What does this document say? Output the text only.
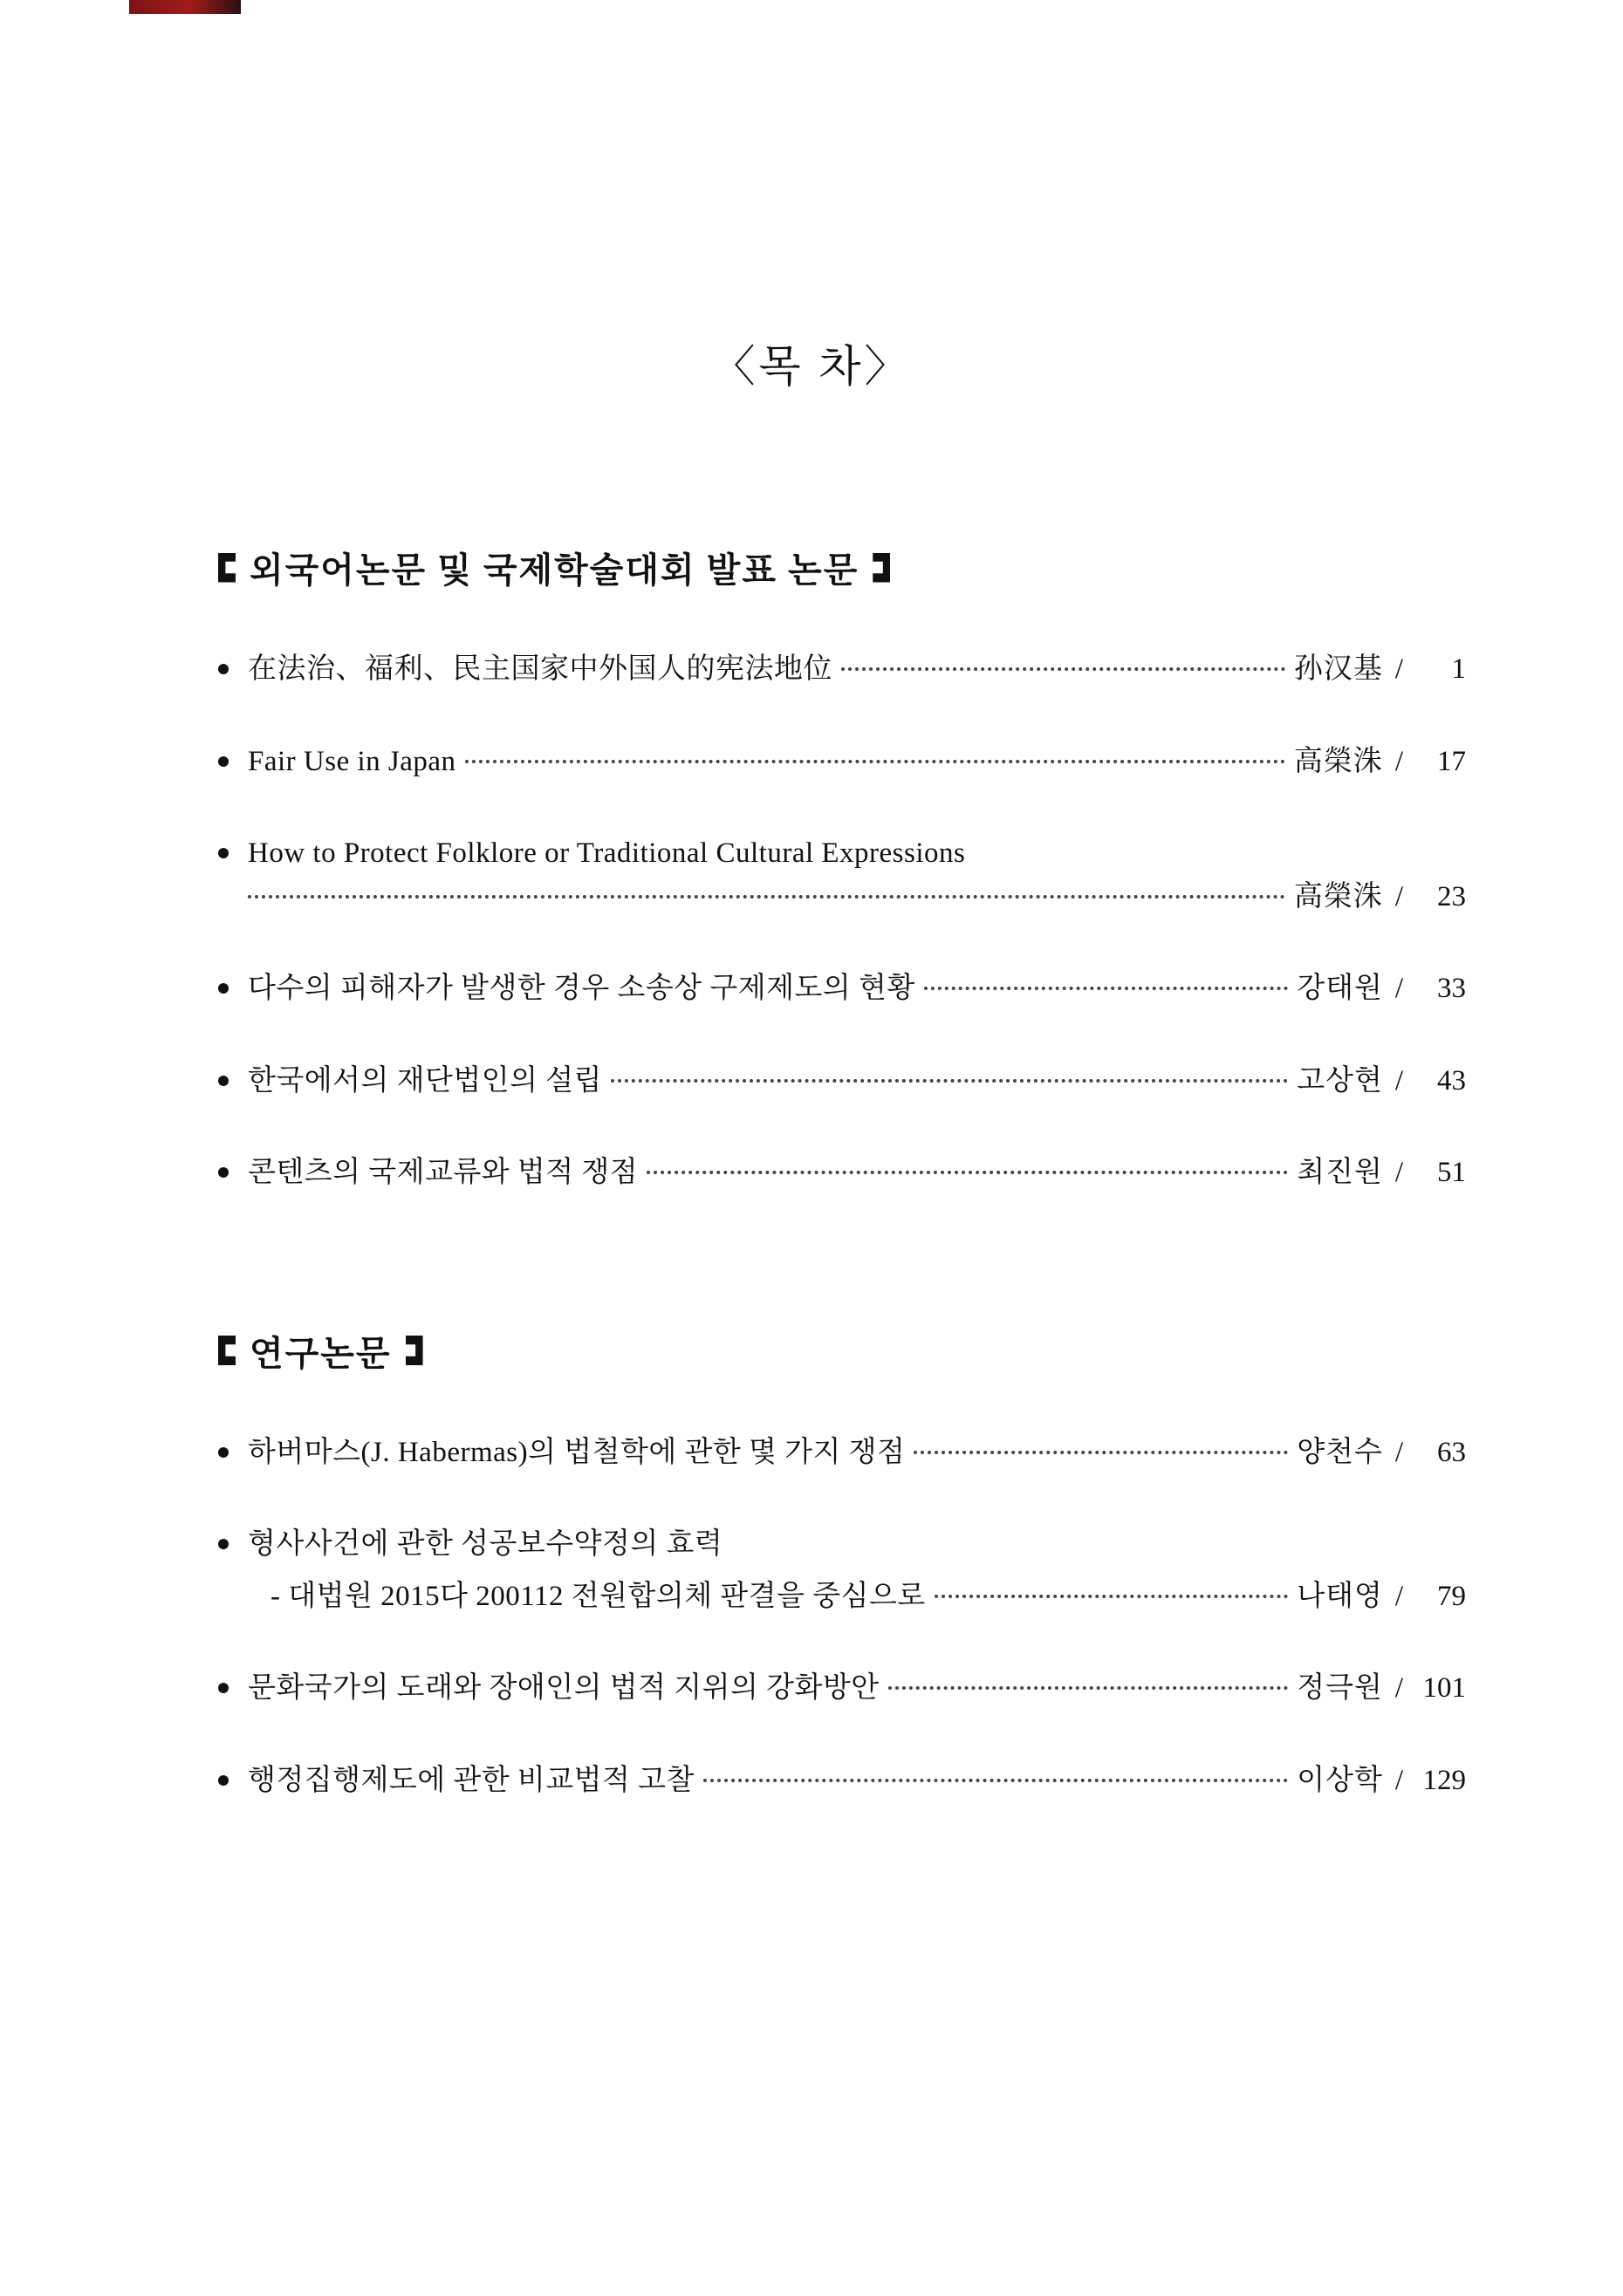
〈목 차〉
외국어논문 및 국제학술대회 발표 논문
在法治、福利、民主国家中外国人的宪法地位	孙汉基 /	1
Fair Use in Japan	高榮洙 /	17
How to Protect Folklore or Traditional Cultural Expressions
高榮洙 /	23
다수의 피해자가 발생한 경우 소송상 구제제도의 현황	강태원 /	33
한국에서의 재단법인의 설립	고상현 /	43
콘텐츠의 국제교류와 법적 쟁점	최진원 /	51
연구논문
하버마스(J. Habermas)의 법철학에 관한 몇 가지 쟁점	양천수 /	63
형사사건에 관한 성공보수약정의 효력
- 대법원 2015다 200112 전원합의체 판결을 중심으로	나태영 /	79
문화국가의 도래와 장애인의 법적 지위의 강화방안	정극원 / 101
행정집행제도에 관한 비교법적 고찰	이상학 / 129
